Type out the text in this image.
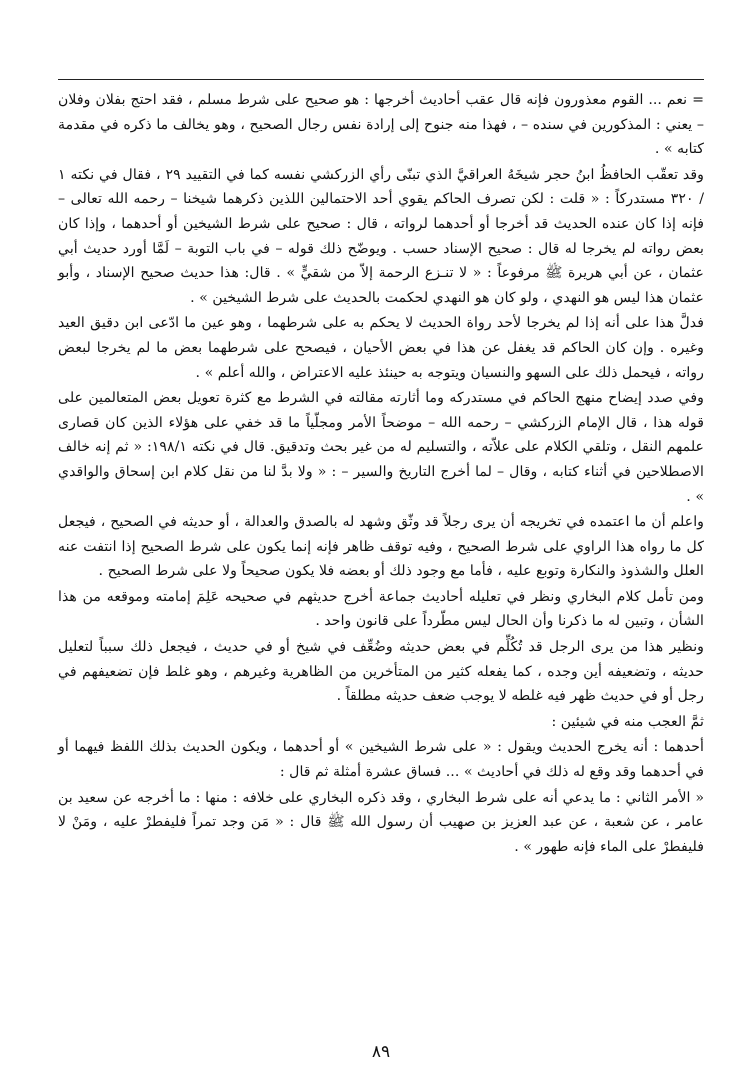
= نعم ... القوم معذورون فإنه قال عقب أحاديث أخرجها : هو صحيح على شرط مسلم ، فقد احتج بفلان وفلان – يعني : المذكورين في سنده – ، فهذا منه جنوح إلى إرادة نفس رجال الصحيح ، وهو يخالف ما ذكره في مقدمة كتابه » .

وقد تعقّب الحافظُ ابنُ حجر شيخَهُ العراقيَّ الذي تبنّى رأي الزركشي نفسه كما في التقييد ٢٩ ، فقال في نكته ١ / ٣٢٠ مستدركاً : « قلت : لكن تصرف الحاكم يقوي أحد الاحتمالين اللذين ذكرهما شيخنا – رحمه الله تعالى – فإنه إذا كان عنده الحديث قد أخرجا أو أحدهما لرواته ، قال : صحيح على شرط الشيخين أو أحدهما ، وإذا كان بعض رواته لم يخرجا له قال : صحيح الإسناد حسب . ويوضّح ذلك قوله – في باب التوبة – لَمَّا أورد حديث أبي عثمان ، عن أبي هريرة ﷺ مرفوعاً : « لا تنـزع الرحمة إلاّ من شقيٍّ » . قال: هذا حديث صحيح الإسناد ، وأبو عثمان هذا ليس هو النهدي ، ولو كان هو النهدي لحكمت بالحديث على شرط الشيخين » .

فدلَّ هذا على أنه إذا لم يخرجا لأحد رواة الحديث لا يحكم به على شرطهما ، وهو عين ما ادّعى ابن دقيق العيد وغيره . وإن كان الحاكم قد يغفل عن هذا في بعض الأحيان ، فيصحح على شرطهما بعض ما لم يخرجا لبعض رواته ، فيحمل ذلك على السهو والنسيان ويتوجه به حينئذ عليه الاعتراض ، والله أعلم » .

وفي صدد إيضاح منهج الحاكم في مستدركه وما أثارته مقالته في الشرط مع كثرة تعويل بعض المتعالمين على قوله هذا ، قال الإمام الزركشي – رحمه الله – موضحاً الأمر ومجلّياً ما قد خفي على هؤلاء الذين كان قصارى علمهم النقل ، وتلقي الكلام على علاّته ، والتسليم له من غير بحث وتدقيق. قال في نكته ١٩٨/١: « ثم إنه خالف الاصطلاحين في أثناء كتابه ، وقال – لما أخرج التاريخ والسير – : « ولا بدَّ لنا من نقل كلام ابن إسحاق والواقدي » .

واعلم أن ما اعتمده في تخريجه أن يرى رجلاً قد وثّق وشهد له بالصدق والعدالة ، أو حديثه في الصحيح ، فيجعل كل ما رواه هذا الراوي على شرط الصحيح ، وفيه توقف ظاهر فإنه إنما يكون على شرط الصحيح إذا انتفت عنه العلل والشذوذ والنكارة وتوبع عليه ، فأما مع وجود ذلك أو بعضه فلا يكون صحيحاً ولا على شرط الصحيح .

ومن تأمل كلام البخاري ونظر في تعليله أحاديث جماعة أخرج حديثهم في صحيحه عَلِمَ إمامته وموقعه من هذا الشأن ، وتبين له ما ذكرنا وأن الحال ليس مطّرداً على قانون واحد .

ونظير هذا من يرى الرجل قد تُكُلِّم في بعض حديثه وضُعِّف في شيخ أو في حديث ، فيجعل ذلك سبباً لتعليل حديثه ، وتضعيفه أين وجده ، كما يفعله كثير من المتأخرين من الظاهرية وغيرهم ، وهو غلط فإن تضعيفهم في رجل أو في حديث ظهر فيه غلطه لا يوجب ضعف حديثه مطلقاً .

ثمَّ العجب منه في شيئين :

أحدهما : أنه يخرج الحديث ويقول : « على شرط الشيخين » أو أحدهما ، ويكون الحديث بذلك اللفظ فيهما أو في أحدهما وقد وقع له ذلك في أحاديث » ... فساق عشرة أمثلة ثم قال :

« الأمر الثاني : ما يدعي أنه على شرط البخاري ، وقد ذكره البخاري على خلافه : منها : ما أخرجه عن سعيد بن عامر ، عن شعبة ، عن عبد العزيز بن صهيب أن رسول الله ﷺ قال : « مَن وجد تمراً فليفطرْ عليه ، ومَنْ لا فليفطرْ على الماء فإنه طهور » .

٨٩
